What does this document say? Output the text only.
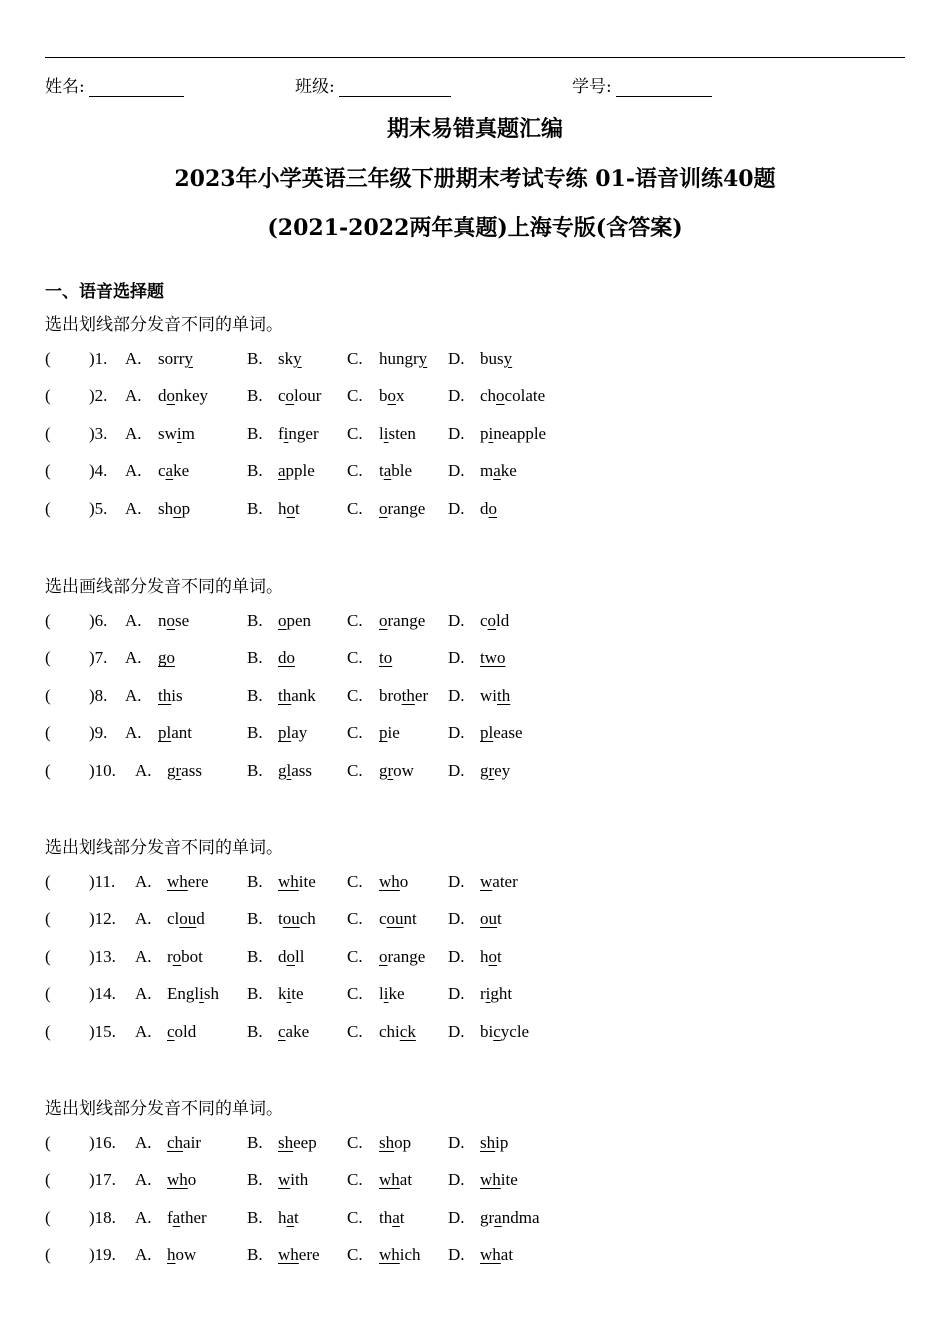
姓名:	班级:	学号:
期末易错真题汇编
2023年小学英语三年级下册期末考试专练 01-语音训练40题
(2021-2022两年真题)上海专版(含答案)
一、语音选择题
选出划线部分发音不同的单词。
( )1. A. sorry	B. sky	C. hungry D. busy
( )2. A. donkey B. colour C. box	D. chocolate
( )3. A. swim	B. finger C. listen D. pineapple
( )4. A. cake	B. apple C. table D. make
( )5. A. shop	B. hot	C. orange D. do
选出画线部分发音不同的单词。
( )6. A. nose	B. open C. orange D. cold
( )7. A. go	B. do	C. to	D. two
( )8. A. this	B. thank C. brother D. with
( )9. A. plant	B. play C. pie	D. please
( )10. A. grass	B. glass C. grow D. grey
选出划线部分发音不同的单词。
( )11. A. where B. white C. who D. water
( )12. A. cloud B. touch C. count D. out
( )13. A. robot	B. doll	C. orange D. hot
( )14. A. English B. kite	C. like	D. right
( )15. A. cold	B. cake C. chick D. bicycle
选出划线部分发音不同的单词。
( )16. A. chair	B. sheep C. shop D. ship
( )17. A. who	B. with C. what D. white
( )18. A. father B. hat	C. that	D. grandma
( )19. A. how	B. where C. which D. what
